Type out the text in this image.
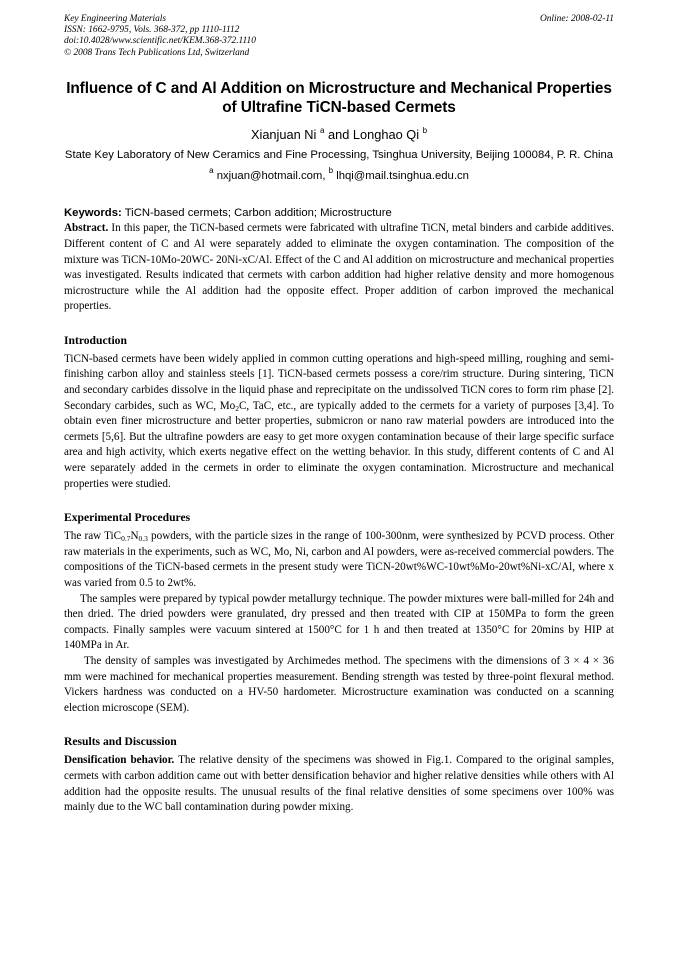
Key Engineering Materials
ISSN: 1662-9795, Vols. 368-372, pp 1110-1112
doi:10.4028/www.scientific.net/KEM.368-372.1110
© 2008 Trans Tech Publications Ltd, Switzerland
Online: 2008-02-11
Influence of C and Al Addition on Microstructure and Mechanical Properties of Ultrafine TiCN-based Cermets
Xianjuan Ni $^a$ and Longhao Qi $^b$
State Key Laboratory of New Ceramics and Fine Processing, Tsinghua University, Beijing 100084, P. R. China
$^a$ nxjuan@hotmail.com, $^b$ lhqi@mail.tsinghua.edu.cn
Keywords: TiCN-based cermets; Carbon addition; Microstructure

Abstract. In this paper, the TiCN-based cermets were fabricated with ultrafine TiCN, metal binders and carbide additives. Different content of C and Al were separately added to eliminate the oxygen contamination. The composition of the mixture was TiCN-10Mo-20WC- 20Ni-xC/Al. Effect of the C and Al addition on microstructure and mechanical properties was investigated. Results indicated that cermets with carbon addition had higher relative density and more homogenous microstructure while the Al addition had the opposite effect. Proper addition of carbon improved the mechanical properties.

Introduction

TiCN-based cermets have been widely applied in common cutting operations and high-speed milling, roughing and semi-finishing carbon alloy and stainless steels [1]. TiCN-based cermets possess a core/rim structure. During sintering, TiCN and secondary carbides dissolve in the liquid phase and reprecipitate on the undissolved TiCN cores to form rim phase [2]. Secondary carbides, such as WC, $Mo_2C$, TaC, etc., are typically added to the cermets for a variety of purposes [3,4]. To obtain even finer microstructure and better properties, submicron or nano raw material powders are introduced into the cermets [5,6]. But the ultrafine powders are easy to get more oxygen contamination because of their large specific surface area and high activity, which exerts negative effect on the wetting behavior. In this study, different contents of C and Al were separately added in the cermets in order to eliminate the oxygen contamination. Microstructure and mechanical properties were studied.

Experimental Procedures

The raw $TiC_{0.7}N_{0.3}$ powders, with the particle sizes in the range of 100-300nm, were synthesized by PCVD process. Other raw materials in the experiments, such as WC, Mo, Ni, carbon and Al powders, were as-received commercial powders. The compositions of the TiCN-based cermets in the present study were TiCN-20wt%WC-10wt%Mo-20wt%Ni-xC/Al, where x was varied from 0.5 to 2wt%.

The samples were prepared by typical powder metallurgy technique. The powder mixtures were ball-milled for 24h and then dried. The dried powders were granulated, dry pressed and then treated with CIP at 150MPa to form the green compacts. Finally samples were vacuum sintered at 1500°C for 1 h and then treated at 1350°C for 20mins by HIP at 140MPa in Ar.

The density of samples was investigated by Archimedes method. The specimens with the dimensions of 3 × 4 × 36 mm were machined for mechanical properties measurement. Bending strength was tested by three-point flexural method. Vickers hardness was conducted on a HV-50 hardometer. Microstructure examination was conducted on a scanning election microscope (SEM).

Results and Discussion

Densification behavior. The relative density of the specimens was showed in Fig.1. Compared to the original samples, cermets with carbon addition came out with better densification behavior and higher relative densities while others with Al addition had the opposite results. The unusual results of the final relative densities of some specimens over 100% was mainly due to the WC ball contamination during powder mixing.
